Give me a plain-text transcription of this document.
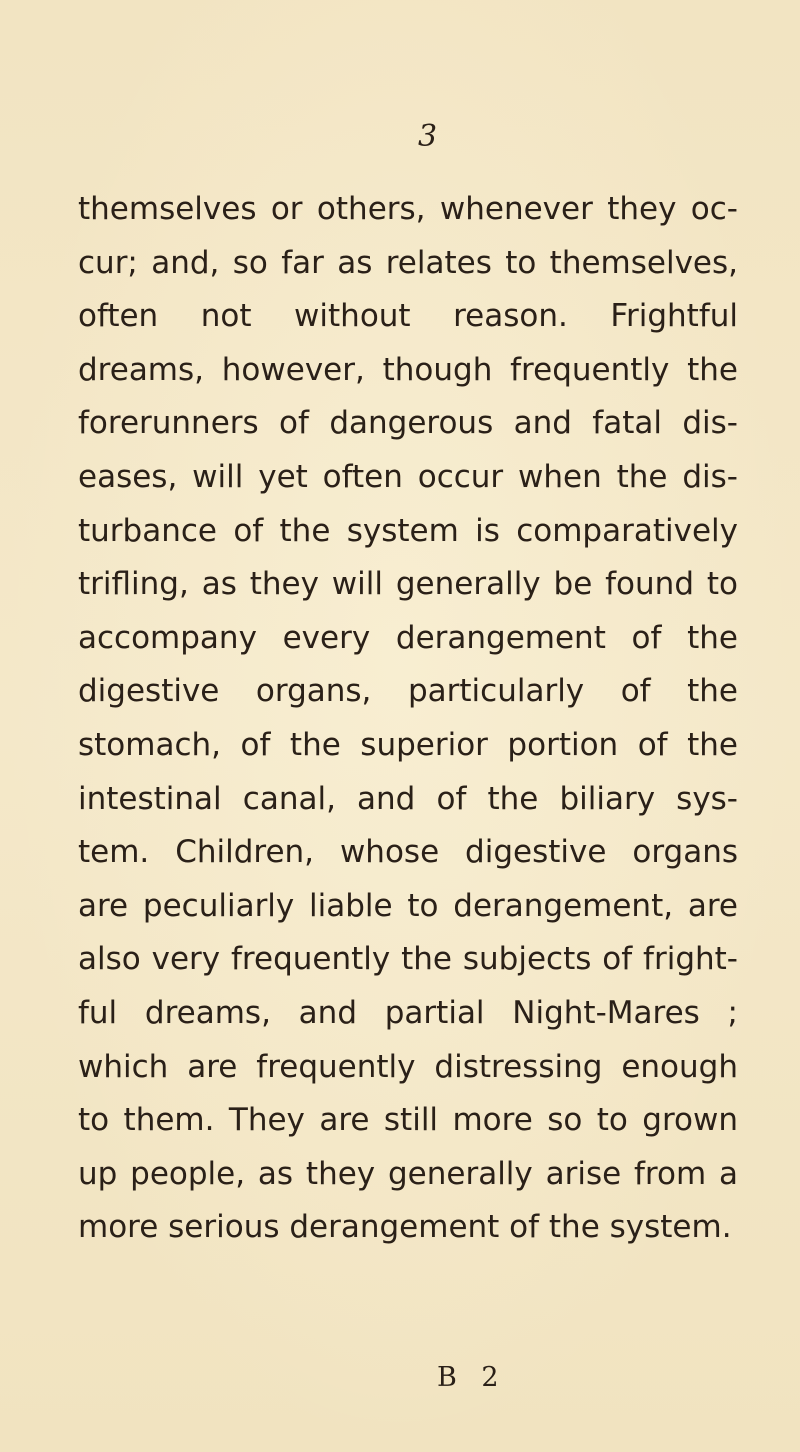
3
themselves or others, whenever they oc-
cur; and, so far as relates to themselves,
often not without reason. Frightful
dreams, however, though frequently the
forerunners of dangerous and fatal dis-
eases, will yet often occur when the dis-
turbance of the system is comparatively
trifling, as they will generally be found to
accompany every derangement of the
digestive organs, particularly of the
stomach, of the superior portion of the
intestinal canal, and of the biliary sys-
tem. Children, whose digestive organs
are peculiarly liable to derangement, are
also very frequently the subjects of fright-
ful dreams, and partial Night-Mares ;
which are frequently distressing enough
to them. They are still more so to grown
up people, as they generally arise from a
more serious derangement of the system.
B 2
